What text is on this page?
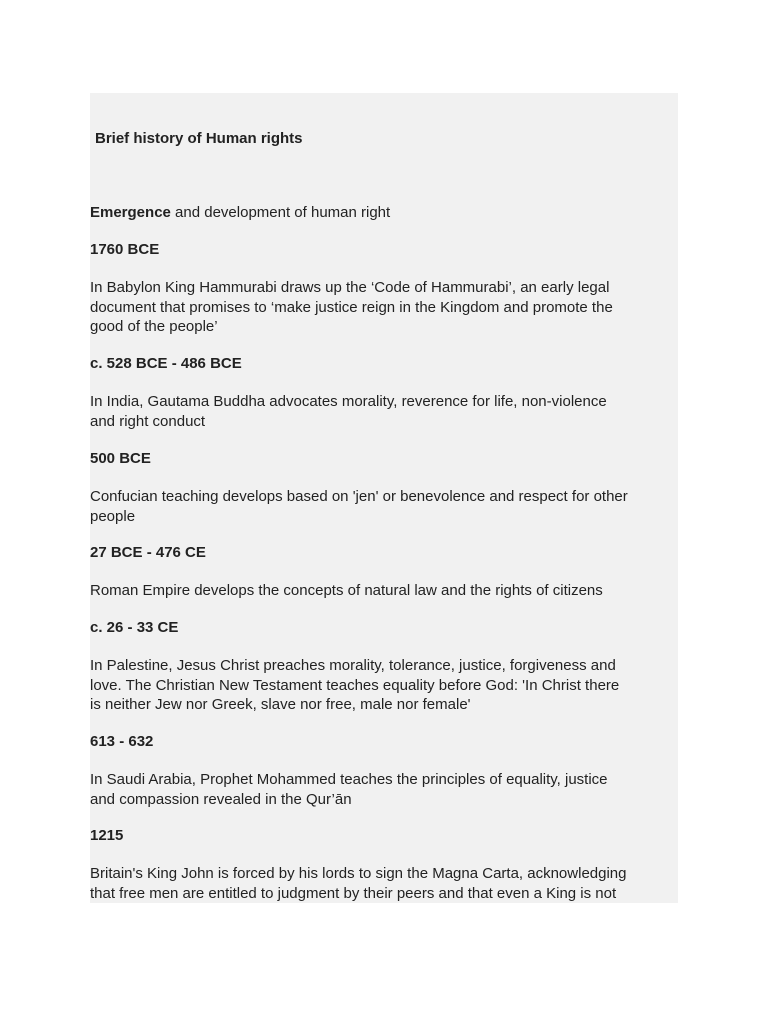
Brief history of Human rights

Emergence and development of human right

1760 BCE

In Babylon King Hammurabi draws up the ‘Code of Hammurabi’, an early legal
document that promises to ‘make justice reign in the Kingdom and promote the
good of the people’

c. 528 BCE - 486 BCE

In India, Gautama Buddha advocates morality, reverence for life, non-violence
and right conduct

500 BCE

Confucian teaching develops based on 'jen' or benevolence and respect for other
people

27 BCE - 476 CE

Roman Empire develops the concepts of natural law and the rights of citizens

c. 26 - 33 CE

In Palestine, Jesus Christ preaches morality, tolerance, justice, forgiveness and
love. The Christian New Testament teaches equality before God: 'In Christ there
is neither Jew nor Greek, slave nor free, male nor female'

613 - 632

In Saudi Arabia, Prophet Mohammed teaches the principles of equality, justice
and compassion revealed in the Qur’ān

1215

Britain's King John is forced by his lords to sign the Magna Carta, acknowledging
that free men are entitled to judgment by their peers and that even a King is not
